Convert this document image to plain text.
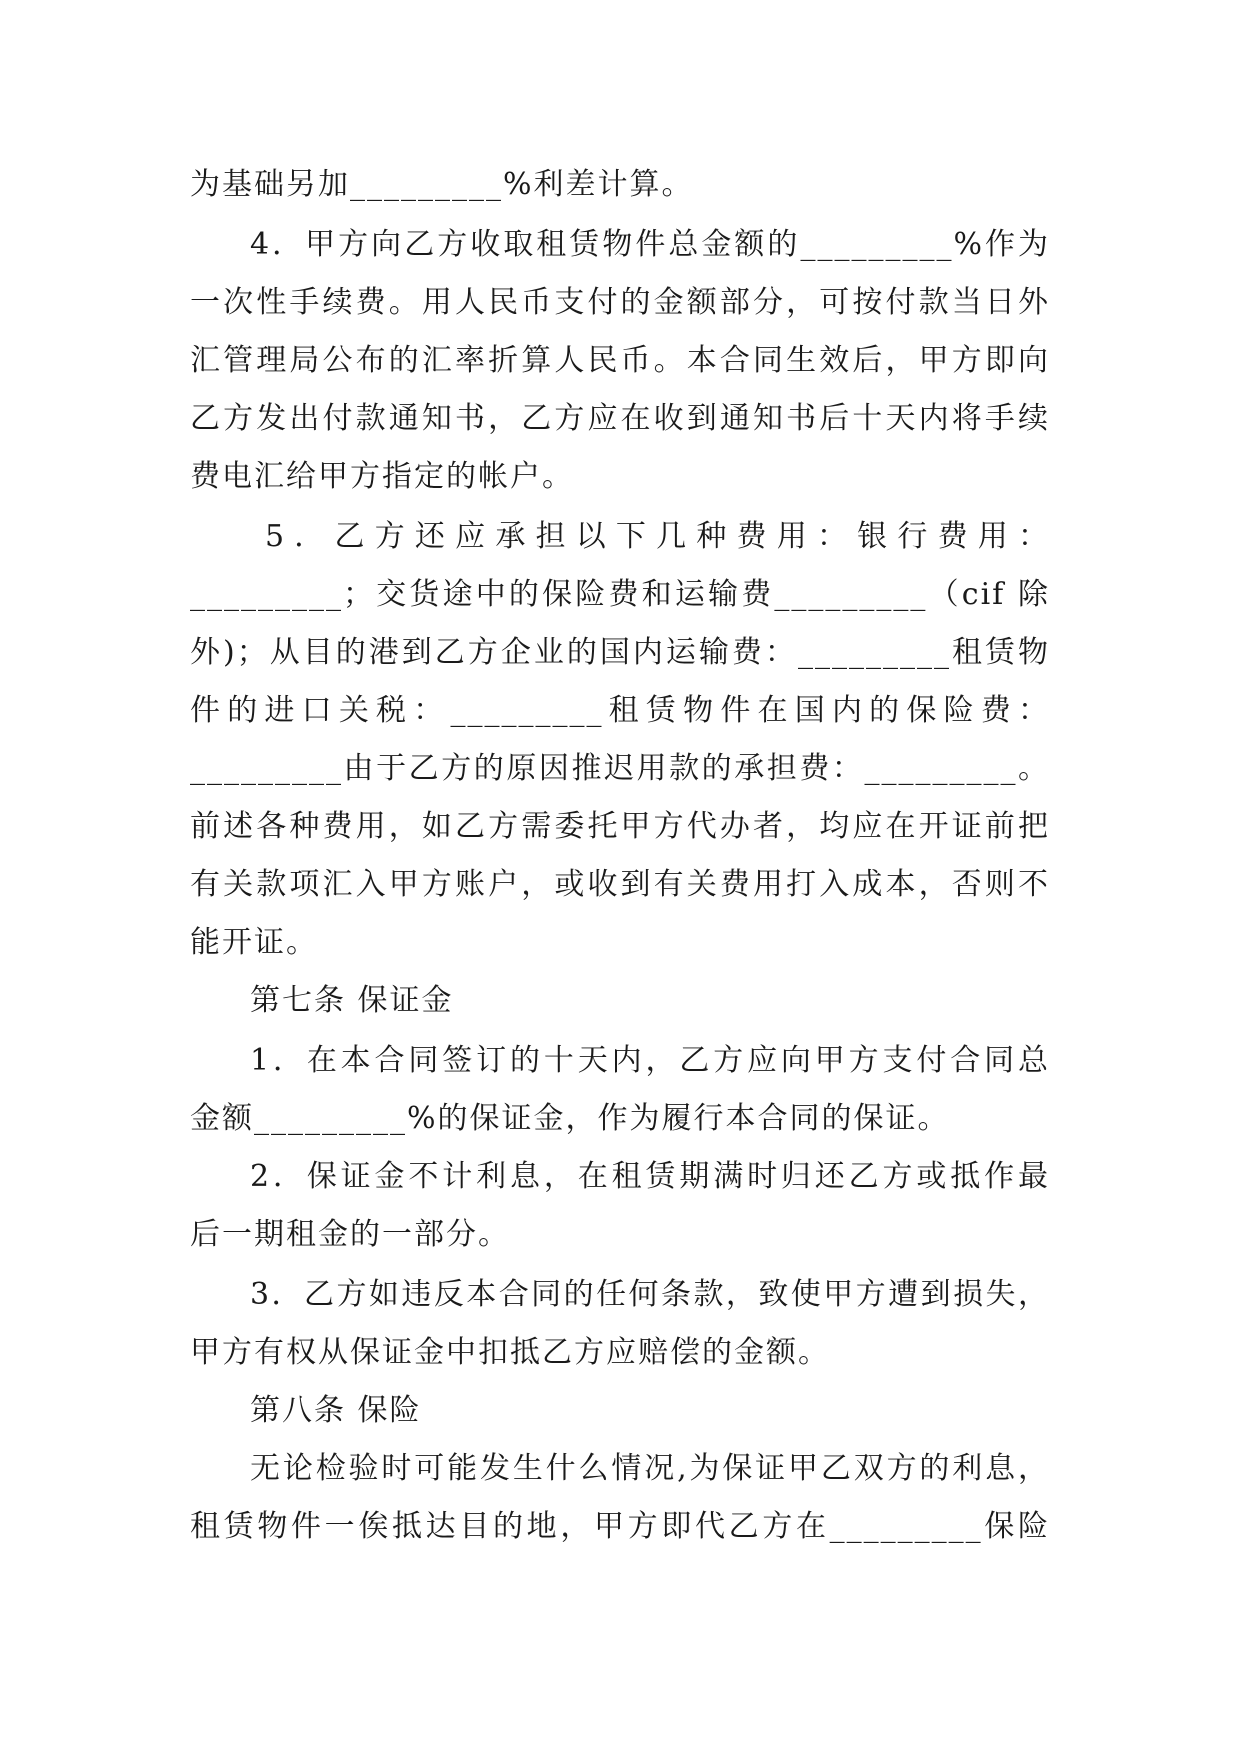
为基础另加_________%利差计算。
4．甲方向乙方收取租赁物件总金额的_________%作为
一次性手续费。用人民币支付的金额部分，可按付款当日外
汇管理局公布的汇率折算人民币。本合同生效后，甲方即向
乙方发出付款通知书，乙方应在收到通知书后十天内将手续
费电汇给甲方指定的帐户。
5．乙方还应承担以下几种费用：银行费用：
_________；交货途中的保险费和运输费_________（cif 除
外)；从目的港到乙方企业的国内运输费：_________租赁物
件的进口关税：_________租赁物件在国内的保险费：
_________由于乙方的原因推迟用款的承担费：_________。
前述各种费用，如乙方需委托甲方代办者，均应在开证前把
有关款项汇入甲方账户，或收到有关费用打入成本，否则不
能开证。
第七条 保证金
1．在本合同签订的十天内，乙方应向甲方支付合同总
金额_________%的保证金，作为履行本合同的保证。
2．保证金不计利息，在租赁期满时归还乙方或抵作最
后一期租金的一部分。
3．乙方如违反本合同的任何条款，致使甲方遭到损失，
甲方有权从保证金中扣抵乙方应赔偿的金额。
第八条 保险
无论检验时可能发生什么情况,为保证甲乙双方的利息，
租赁物件一俟抵达目的地，甲方即代乙方在_________保险
